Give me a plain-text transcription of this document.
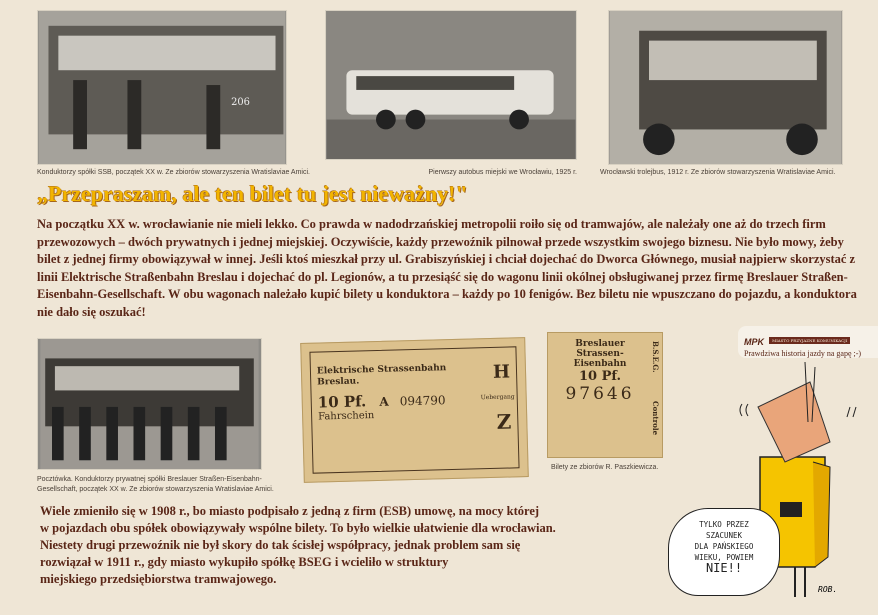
206
Konduktorzy spółki SSB, początek XX w. Ze zbiorów stowarzyszenia Wratislaviae Amici.	Pierwszy autobus miejski we Wrocławiu, 1925 r.	Wrocławski trolejbus, 1912 r. Ze zbiorów stowarzyszenia Wratislaviae Amici.
„Przepraszam, ale ten bilet tu jest nieważny!"
Na początku XX w. wrocławianie nie mieli lekko. Co prawda w nadodrzańskiej metropolii roiło się od tramwajów, ale należały one aż do trzech firm przewozowych – dwóch prywatnych i jednej miejskiej. Oczywiście, każdy przewoźnik pilnował przede wszystkim swojego biznesu. Nie było mowy, żeby bilet z jednej firmy obowiązywał w innej. Jeśli ktoś mieszkał przy ul. Grabiszyńskiej i chciał dojechać do Dworca Głównego, musiał najpierw skorzystać z linii Elektrische Straßenbahn Breslau i dojechać do pl. Legionów, a tu przesiąść się do wagonu linii okólnej obsługiwanej przez firmę Breslauer Straßen-Eisenbahn-Gesellschaft. W obu wagonach należało kupić bilety u konduktora – każdy po 10 fenigów. Bez biletu nie wpuszczano do pojazdu, a konduktora nie dało się oszukać!
Pocztówka. Konduktorzy prywatnej spółki Breslauer Straßen-Eisenbahn-Gesellschaft, początek XX w. Ze zbiorów stowarzyszenia Wratislaviae Amici.
Elektrische Strassenbahn Breslau.
10 Pf. A 094790
Fahrschein
H
Uebergang
Z
Breslauer Strassen-Eisenbahn
10 Pf.
97646
B.S.E.G.
Controle
Bilety ze zbiorów R. Paszkiewicza.
MPK MIASTO PRZYJAZNE KOMUNIKACJI
Prawdziwa historia jazdy na gapę ;-)
TYLKO PRZEZ
SZACUNEK
DLA PAŃSKIEGO
WIEKU, POWIEM
NIE!!
ROB.
Wiele zmieniło się w 1908 r., bo miasto podpisało z jedną z firm (ESB) umowę, na mocy której
w pojazdach obu spółek obowiązywały wspólne bilety. To było wielkie ułatwienie dla wrocławian.
Niestety drugi przewoźnik nie był skory do tak ścisłej współpracy, jednak problem sam się
rozwiązał w 1911 r., gdy miasto wykupiło spółkę BSEG i wcieliło w struktury
miejskiego przedsiębiorstwa tramwajowego.
